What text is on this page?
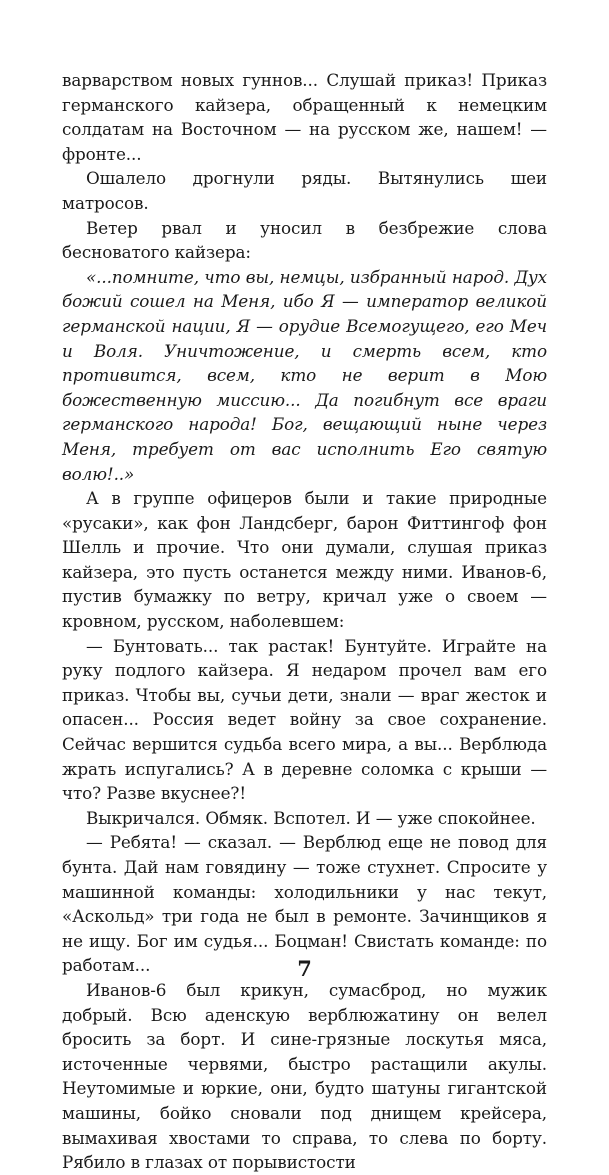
варварством новых гуннов... Слушай приказ! Приказ германского кайзера, обращенный к немецким солдатам на Восточном — на русском же, нашем! — фронте...

Ошалело дрогнули ряды. Вытянулись шеи матросов.

Ветер рвал и уносил в безбрежие слова бесноватого кайзера:

«...помните, что вы, немцы, избранный народ. Дух божий сошел на Меня, ибо Я — император великой германской нации, Я — орудие Всемогущего, его Меч и Воля. Уничтожение, и смерть всем, кто противится, всем, кто не верит в Мою божественную миссию... Да погибнут все враги германского народа! Бог, вещающий ныне через Меня, требует от вас исполнить Его святую волю!..»

А в группе офицеров были и такие природные «русаки», как фон Ландсберг, барон Фиттингоф фон Шелль и прочие. Что они думали, слушая приказ кайзера, это пусть останется между ними. Иванов-6, пустив бумажку по ветру, кричал уже о своем — кровном, русском, наболевшем:

— Бунтовать... так растак! Бунтуйте. Играйте на руку подлого кайзера. Я недаром прочел вам его приказ. Чтобы вы, сучьи дети, знали — враг жесток и опасен... Россия ведет войну за свое сохранение. Сейчас вершится судьба всего мира, а вы... Верблюда жрать испугались? А в деревне соломка с крыши — что? Разве вкуснее?!

Выкричался. Обмяк. Вспотел. И — уже спокойнее.

— Ребята! — сказал. — Верблюд еще не повод для бунта. Дай нам говядину — тоже стухнет. Спросите у машинной команды: холодильники у нас текут, «Аскольд» три года не был в ремонте. Зачинщиков я не ищу. Бог им судья... Боцман! Свистать команде: по работам...

Иванов-6 был крикун, сумасброд, но мужик добрый. Всю аденскую верблюжатину он велел бросить за борт. И сине-грязные лоскутья мяса, источенные червями, быстро растащили акулы. Неутомимые и юркие, они, будто шатуны гигантской машины, бойко сновали под днищем крейсера, вымахивая хвостами то справа, то слева по борту. Рябило в глазах от порывистости

7
